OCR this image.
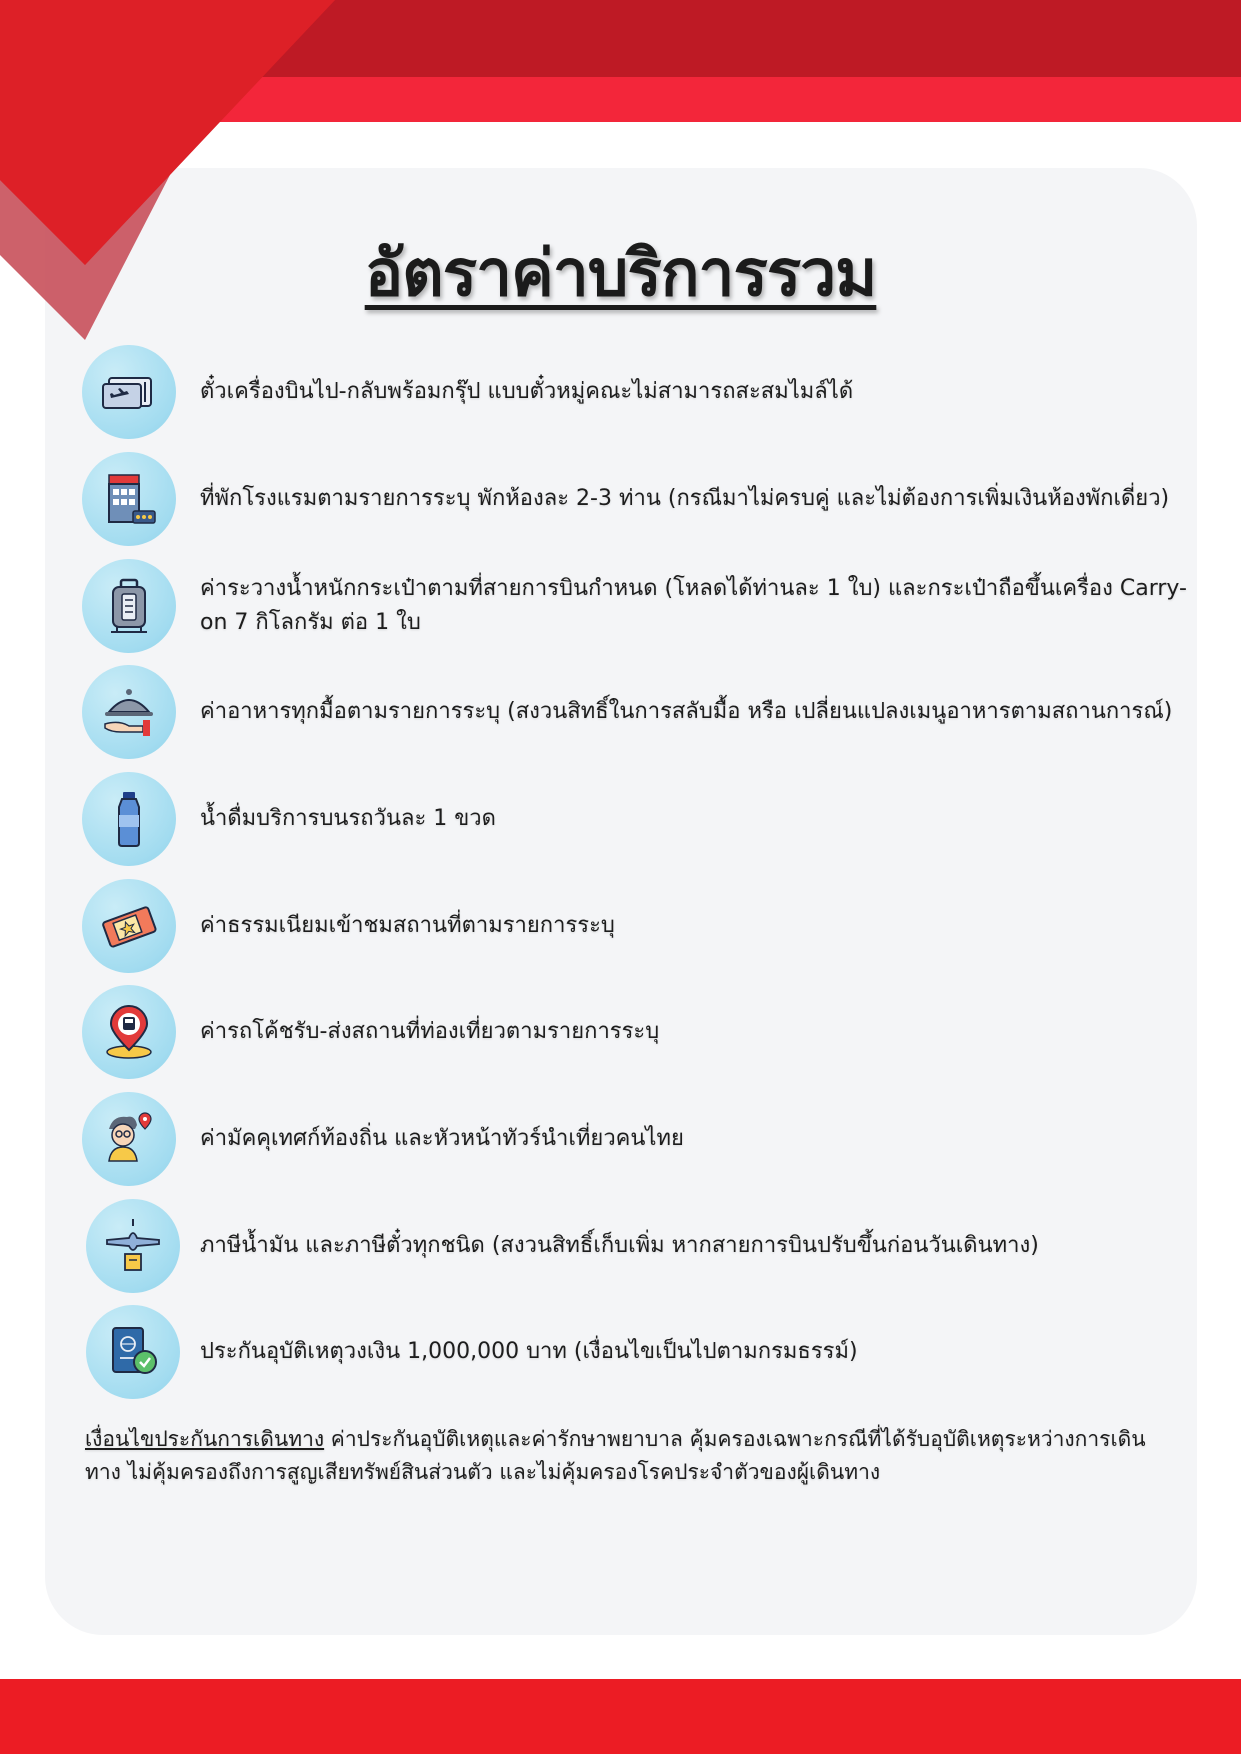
อัตราค่าบริการรวม
ตั๋วเครื่องบินไป-กลับพร้อมกรุ๊ป แบบตั๋วหมู่คณะไม่สามารถสะสมไมล์ได้
ที่พักโรงแรมตามรายการระบุ พักห้องละ 2-3 ท่าน (กรณีมาไม่ครบคู่ และไม่ต้องการเพิ่มเงินห้องพักเดี่ยว)
ค่าระวางน้ำหนักกระเป๋าตามที่สายการบินกำหนด (โหลดได้ท่านละ 1 ใบ) และกระเป๋าถือขึ้นเครื่อง Carry-on 7 กิโลกรัม ต่อ 1 ใบ
ค่าอาหารทุกมื้อตามรายการระบุ (สงวนสิทธิ์ในการสลับมื้อ หรือ เปลี่ยนแปลงเมนูอาหารตามสถานการณ์)
น้ำดื่มบริการบนรถวันละ 1 ขวด
ค่าธรรมเนียมเข้าชมสถานที่ตามรายการระบุ
ค่ารถโค้ชรับ-ส่งสถานที่ท่องเที่ยวตามรายการระบุ
ค่ามัคคุเทศก์ท้องถิ่น และหัวหน้าทัวร์นำเที่ยวคนไทย
ภาษีน้ำมัน และภาษีตั๋วทุกชนิด (สงวนสิทธิ์เก็บเพิ่ม หากสายการบินปรับขึ้นก่อนวันเดินทาง)
ประกันอุบัติเหตุวงเงิน 1,000,000 บาท (เงื่อนไขเป็นไปตามกรมธรรม์)
เงื่อนไขประกันการเดินทาง ค่าประกันอุบัติเหตุและค่ารักษาพยาบาล คุ้มครองเฉพาะกรณีที่ได้รับอุบัติเหตุระหว่างการเดินทาง ไม่คุ้มครองถึงการสูญเสียทรัพย์สินส่วนตัว และไม่คุ้มครองโรคประจำตัวของผู้เดินทาง
